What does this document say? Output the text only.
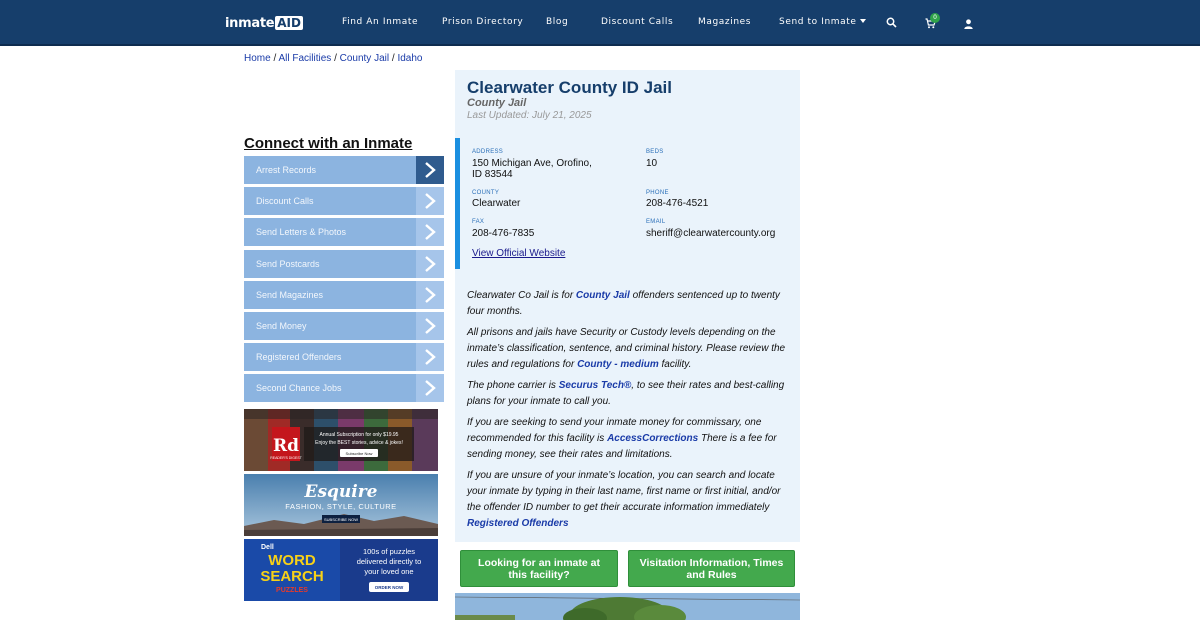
inmate AID	Find An Inmate	Prison Directory	Blog	Discount Calls	Magazines	Send to Inmate	0
Home / All Facilities / County Jail / Idaho
Connect with an Inmate
Arrest Records
Discount Calls
Send Letters & Photos
Send Postcards
Send Magazines
Send Money
Registered Offenders
Second Chance Jobs
Rd
READER'S DIGEST
Annual Subscription for only $19.95
Enjoy the BEST stories, advice & jokes!
Subscribe Now
Esquire
FASHION, STYLE, CULTURE
SUBSCRIBE NOW
Dell
WORD
SEARCH
PUZZLES
100s of puzzles
delivered directly to
your loved one
ORDER NOW
Clearwater County ID Jail
County Jail
Last Updated: July 21, 2025
ADDRESS
150 Michigan Ave, Orofino,
ID 83544
BEDS
10
COUNTY
Clearwater
PHONE
208-476-4521
FAX
208-476-7835
EMAIL
sheriff@clearwatercounty.org
View Official Website

Clearwater Co Jail is for County Jail offenders sentenced up to twenty four months.

All prisons and jails have Security or Custody levels depending on the inmate’s classification, sentence, and criminal history. Please review the rules and regulations for County - medium facility.

The phone carrier is Securus Tech®, to see their rates and best-calling plans for your inmate to call you.

If you are seeking to send your inmate money for commissary, one recommended for this facility is AccessCorrections There is a fee for sending money, see their rates and limitations.

If you are unsure of your inmate’s location, you can search and locate your inmate by typing in their last name, first name or first initial, and/or the offender ID number to get their accurate information immediately Registered Offenders

Looking for an inmate at this facility?
Visitation Information, Times and Rules
